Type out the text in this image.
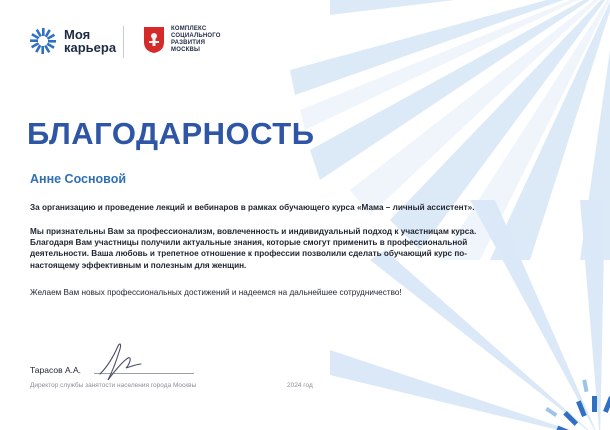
Моя
карьера
КОМПЛЕКС
СОЦИАЛЬНОГО
РАЗВИТИЯ
МОСКВЫ
БЛАГОДАРНОСТЬ
Анне Сосновой
За организацию и проведение лекций и вебинаров в рамках обучающего курса «Мама – личный ассистент».
Мы признательны Вам за профессионализм, вовлеченность и индивидуальный подход к участницам курса. Благодаря Вам участницы получили актуальные знания, которые смогут применить в профессиональной деятельности. Ваша любовь и трепетное отношение к профессии позволили сделать обучающий курс по-настоящему эффективным и полезным для женщин.
Желаем Вам новых профессиональных достижений и надеемся на дальнейшее сотрудничество!
Тарасов А.А.
Директор службы занятости населения города Москвы	2024 год
